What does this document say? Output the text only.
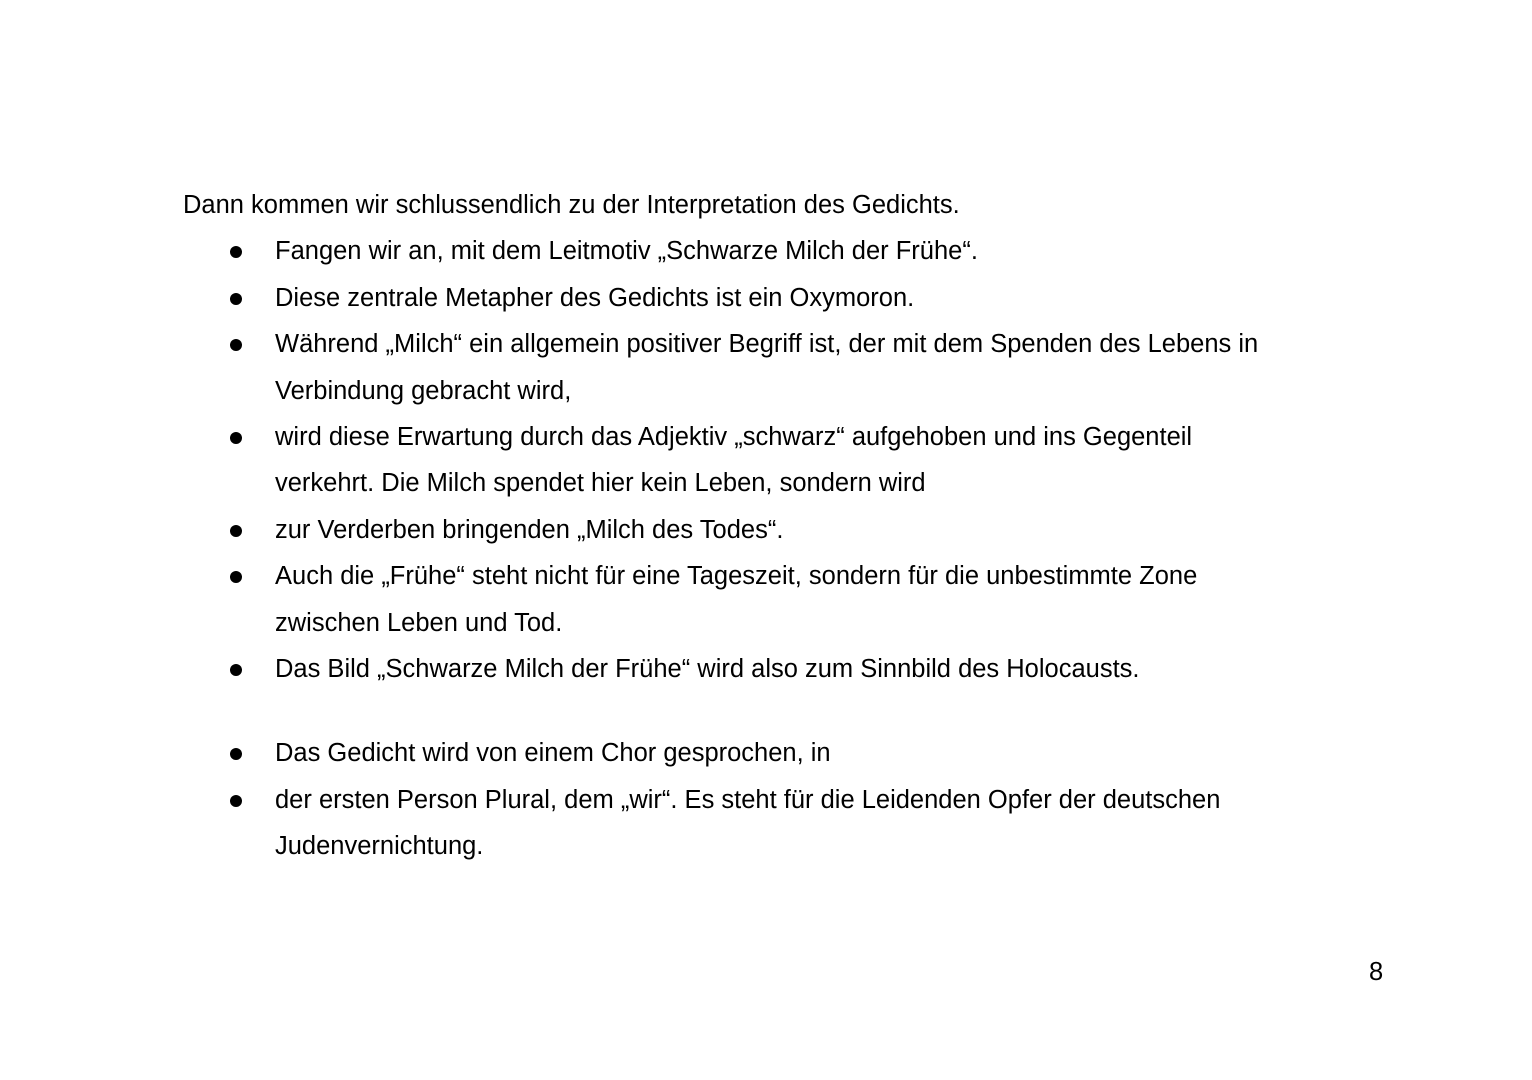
Dann kommen wir schlussendlich zu der Interpretation des Gedichts.

Fangen wir an, mit dem Leitmotiv „Schwarze Milch der Frühe“.
Diese zentrale Metapher des Gedichts ist ein Oxymoron.
Während „Milch“ ein allgemein positiver Begriff ist, der mit dem Spenden des Lebens in
Verbindung gebracht wird,
wird diese Erwartung durch das Adjektiv „schwarz“ aufgehoben und ins Gegenteil
verkehrt. Die Milch spendet hier kein Leben, sondern wird
zur Verderben bringenden „Milch des Todes“.
Auch die „Frühe“ steht nicht für eine Tageszeit, sondern für die unbestimmte Zone
zwischen Leben und Tod.
Das Bild „Schwarze Milch der Frühe“ wird also zum Sinnbild des Holocausts.
Das Gedicht wird von einem Chor gesprochen, in
der ersten Person Plural, dem „wir“. Es steht für die Leidenden Opfer der deutschen
Judenvernichtung.
8
